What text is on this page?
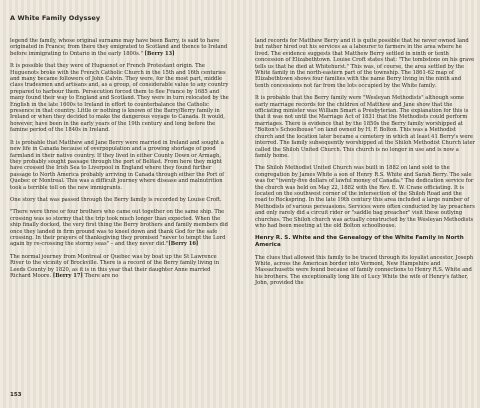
A White Family Odyssey

legend the family, whose original surname may have been Barry, is said to have originated in France; from there they emigrated to Scotland and thence to Ireland before immigrating to Ontario in the early 1800s." [Berry 13]

It is possible that they were of Huguenot or French Protestant origin. The Huguenots broke with the French Catholic Church in the 15th and 16th centuries and many became followers of John Calvin. They were, for the most part, middle class tradesmen and artisans and, as a group, of considerable value to any country prepared to harbour them. Persecution forced them to flee France by 1685 and many found their way to England and Scotland. They were in turn relocated by the English in the late 1600s to Ireland in effort to counterbalance the Catholic presence in that country. Little or nothing is known of the Barry/Berry family in Ireland or when they decided to make the dangerous voyage to Canada. It would, however, have been in the early years of the 19th century and long before the famine period of the 1840s in Ireland.

It is probable that Matthew and Jane Berry were married in Ireland and sought a new life in Canada because of overpopulation and a growing shortage of good farmland in their native country. If they lived in either County Down or Armagh, they probably sought passage through the port of Belfast. From here they might have crossed the Irish Sea to Liverpool in England where they found further passage to North America probably arriving in Canada through either the Port of Quebec or Montreal. This was a difficult journey where disease and malnutrition took a terrible toll on the new immigrants.

One story that was passed through the Berry family is recorded by Louise Croft.

"There were three or four brothers who came out together on the same ship. The crossing was so stormy that the trip took much longer than expected. When the ship finally docked, the very first thing the Berry brothers and family members did once they landed in firm ground was to kneel down and thank God for the safe crossing. In their prayers of thanksgiving they promised "never to tempt the Lord again by re-crossing the stormy seas" – and they never did."[Berry 16]

The normal journey from Montreal or Quebec was by boat up the St Lawrence River to the vicinity of Brockville. There is a record of the Berry family living in Leeds County by 1820, as it is in this year that their daughter Anne married Richard Moore. [Berry 17] There are no

land records for Matthew Berry and it is quite possible that he never owned land but rather hired out his services as a labourer to farmers in the area where he lived. The evidence suggests that Matthew Berry settled in ninth or tenth concession of Elizabethtown. Louise Croft states that: "The tombstone on his grave tells us that he died at Whitehurst." This was, of course, the area settled by the White family in the north-eastern part of the township. The 1861-62 map of Elizabethtown shows four families with the name Berry living in the ninth and tenth concessions not far from the lots occupied by the White family.

It is probable that the Berry family were "Wesleyan Methodists" although some early marriage records for the children of Matthew and Jane show that the officiating minister was William Smart a Presbyterian. The explanation for this is that it was not until the Marriage Act of 1831 that the Methodists could perform marriages. There is evidence that by the 1850s the Berry family worshipped at "Bolton's Schoolhouse" on land owned by H. F. Bolton. This was a Methodist church and the location later became a cemetery in which at least 41 Berry's were interred. The family subsequently worshipped at the Shiloh Methodist Church later called the Shiloh United Church. This church is no longer in use and is now a family home.

The Shiloh Methodist United Church was built in 1882 on land sold to the congregation by James White a son of Henry R.S. White and Sarah Berry. The sale was for "twenty-five dollars of lawful money of Canada." The dedication service for the church was held on May 22, 1882 with the Rev. E. W. Crane officiating. It is located on the southwest corner of the intersection of the Shiloh Road and the road to Rockspring. In the late 19th century this area included a large number of Methodists of various persuasions. Services were often conducted by lay preachers and only rarely did a circuit rider or "saddle bag preacher" visit these outlying churches. The Shiloh church was actually constructed by the Wesleyan Methodists who had been meeting at the old Bolton schoolhouse.

Henry R. S. White and the Genealogy of the White Family in North America

The clues that allowed this family to be traced through its loyalist ancestor, Joseph White, across the American border into Vermont, New Hampshire and Massachusetts were found because of family connections to Henry R.S. White and his brothers. The exceptionally long life of Lucy White the wife of Henry's father, John, provided the

153
